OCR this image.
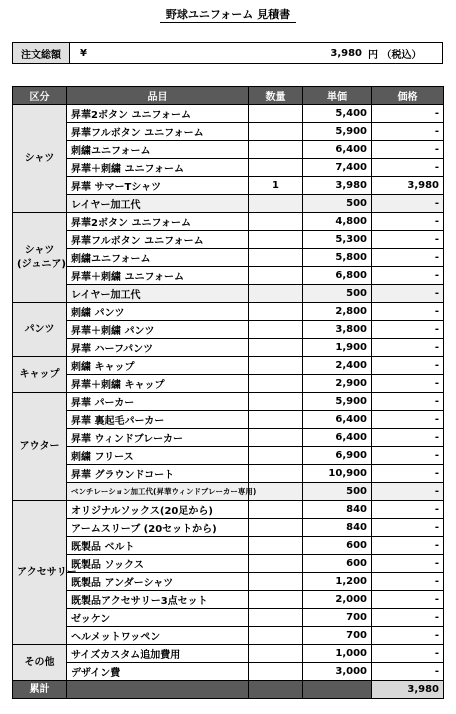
野球ユニフォーム 見積書
注文総額	¥	3,980 円 （税込）
区分	品目	数量	単価	価格

シャツ	昇華2ボタン ユニフォーム		5,400	-
	昇華フルボタン ユニフォーム		5,900	-
	刺繍ユニフォーム		6,400	-
	昇華＋刺繍 ユニフォーム		7,400	-
	昇華 サマーTシャツ	1	3,980	3,980
	レイヤー加工代		500	-

シャツ
(ジュニア)	昇華2ボタン ユニフォーム		4,800	-
	昇華フルボタン ユニフォーム		5,300	-
	刺繍ユニフォーム		5,800	-
	昇華＋刺繍 ユニフォーム		6,800	-
	レイヤー加工代		500	-

パンツ	刺繍 パンツ		2,800	-
	昇華＋刺繍 パンツ		3,800	-
	昇華 ハーフパンツ		1,900	-

キャップ	刺繍 キャップ		2,400	-
	昇華＋刺繍 キャップ		2,900	-

アウター	昇華 パーカー		5,900	-
	昇華 裏起毛パーカー		6,400	-
	昇華 ウィンドブレーカー		6,400	-
	刺繍 フリース		6,900	-
	昇華 グラウンドコート		10,900	-
	ベンチレーション加工代(昇華ウィンドブレーカー専用)		500	-

アクセサリー	オリジナルソックス(20足から)		840	-
	アームスリーブ (20セットから)		840	-
	既製品 ベルト		600	-
	既製品 ソックス		600	-
	既製品 アンダーシャツ		1,200	-
	既製品アクセサリー3点セット		2,000	-
	ゼッケン		700	-
	ヘルメットワッペン		700	-

その他	サイズカスタム追加費用		1,000	-
	デザイン費		3,000	-
累計				3,980
